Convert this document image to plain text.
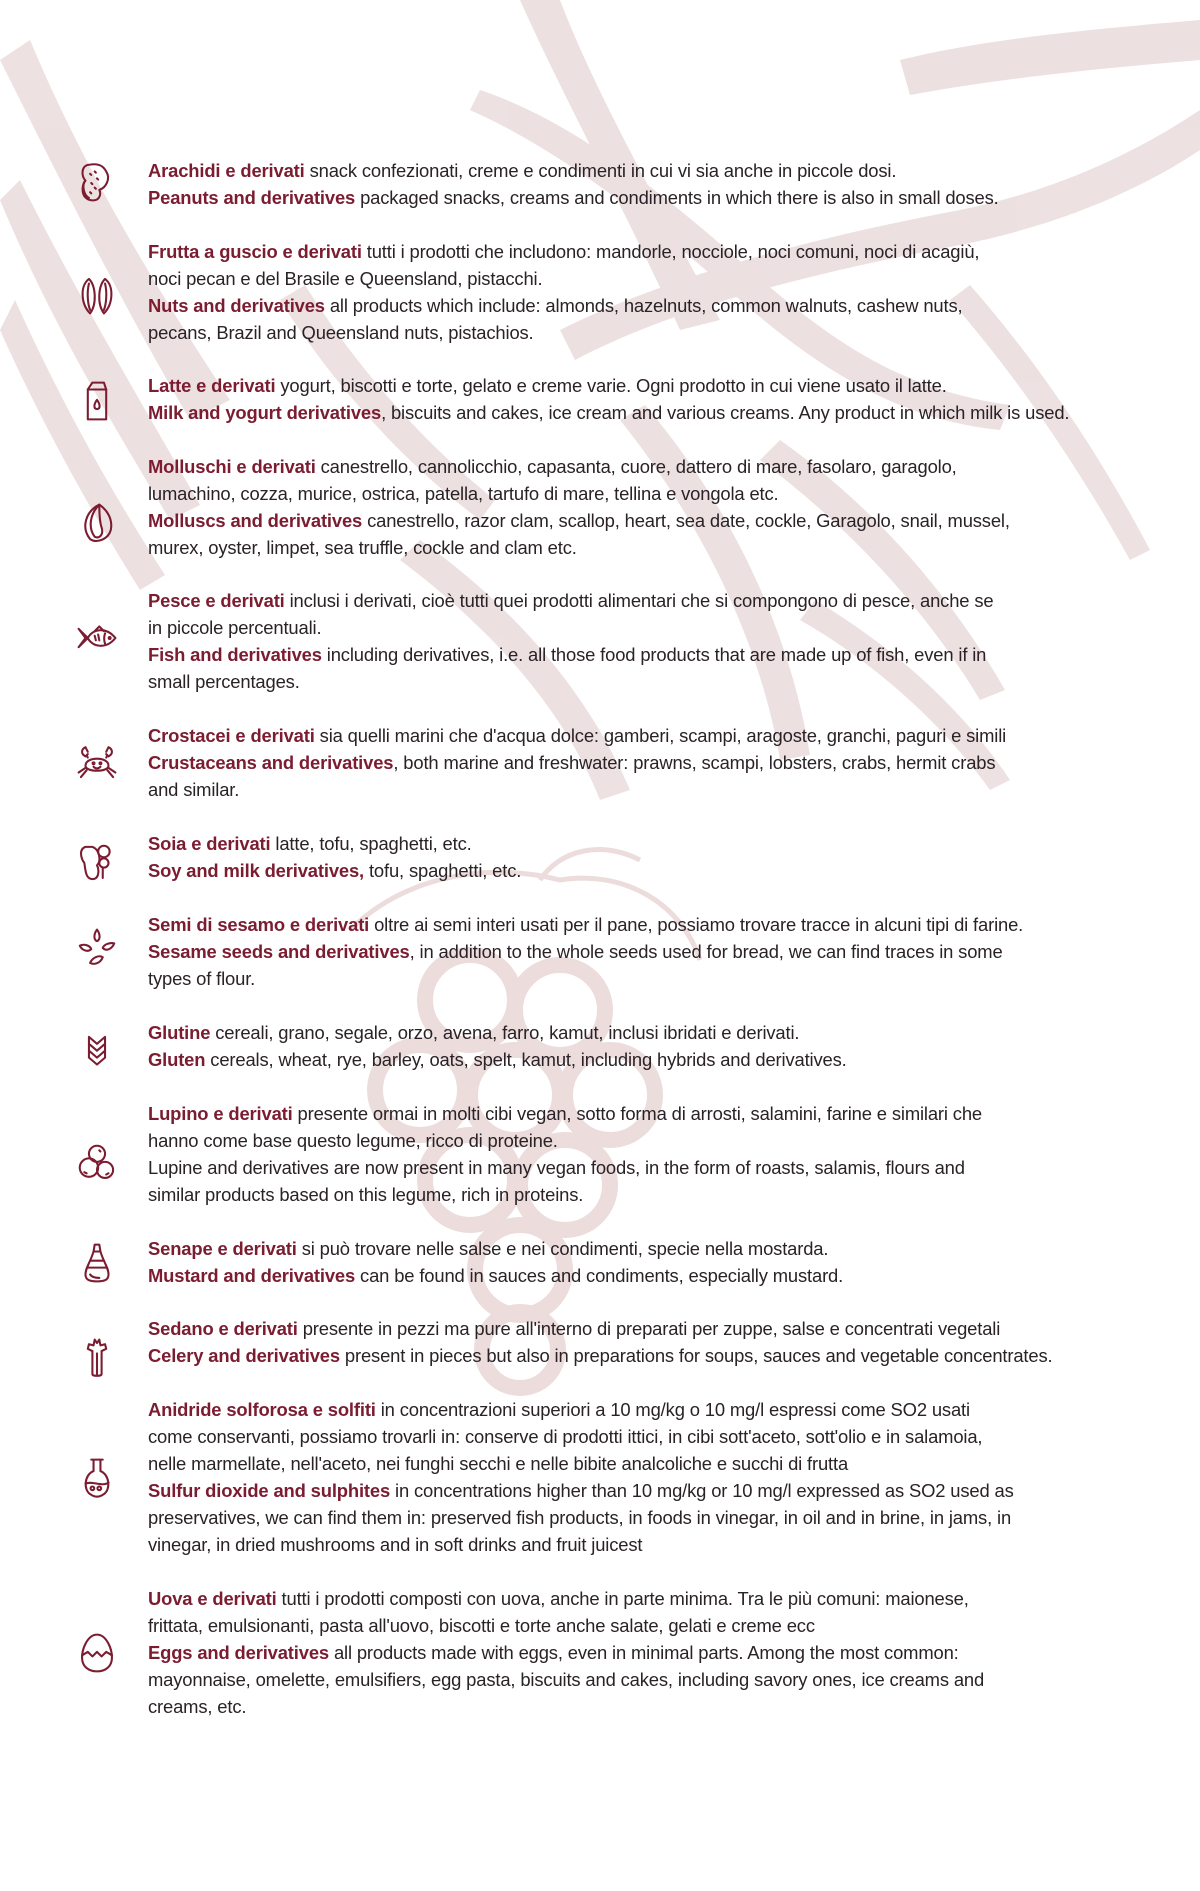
Arachidi e derivati snack confezionati, creme e condimenti in cui vi sia anche in piccole dosi.

Peanuts and derivatives packaged snacks, creams and condiments in which there is also in small doses.

Frutta a guscio e derivati tutti i prodotti che includono: mandorle, nocciole, noci comuni, noci di acagiù,
noci pecan e del Brasile e Queensland, pistacchi.

Nuts and derivatives all products which include: almonds, hazelnuts, common walnuts, cashew nuts,
pecans, Brazil and Queensland nuts, pistachios.

Latte e derivati yogurt, biscotti e torte, gelato e creme varie. Ogni prodotto in cui viene usato il latte.

Milk and yogurt derivatives, biscuits and cakes, ice cream and various creams. Any product in which milk is used.

Molluschi e derivati canestrello, cannolicchio, capasanta, cuore, dattero di mare, fasolaro, garagolo,
lumachino, cozza, murice, ostrica, patella, tartufo di mare, tellina e vongola etc.

Molluscs and derivatives canestrello, razor clam, scallop, heart, sea date, cockle, Garagolo, snail, mussel,
murex, oyster, limpet, sea truffle, cockle and clam etc.

Pesce e derivati inclusi i derivati, cioè tutti quei prodotti alimentari che si compongono di pesce, anche se
in piccole percentuali.

Fish and derivatives including derivatives, i.e. all those food products that are made up of fish, even if in
small percentages.

Crostacei e derivati sia quelli marini che d'acqua dolce: gamberi, scampi, aragoste, granchi, paguri e simili

Crustaceans and derivatives, both marine and freshwater: prawns, scampi, lobsters, crabs, hermit crabs
and similar.

Soia e derivati latte, tofu, spaghetti, etc.

Soy and milk derivatives, tofu, spaghetti, etc.

Semi di sesamo e derivati oltre ai semi interi usati per il pane, possiamo trovare tracce in alcuni tipi di farine.

Sesame seeds and derivatives, in addition to the whole seeds used for bread, we can find traces in some
types of flour.

Glutine cereali, grano, segale, orzo, avena, farro, kamut, inclusi ibridati e derivati.

Gluten cereals, wheat, rye, barley, oats, spelt, kamut, including hybrids and derivatives.

Lupino e derivati presente ormai in molti cibi vegan, sotto forma di arrosti, salamini, farine e similari che
hanno come base questo legume, ricco di proteine.

Lupine and derivatives are now present in many vegan foods, in the form of roasts, salamis, flours and
similar products based on this legume, rich in proteins.

Senape e derivati si può trovare nelle salse e nei condimenti, specie nella mostarda.

Mustard and derivatives can be found in sauces and condiments, especially mustard.

Sedano e derivati presente in pezzi ma pure all'interno di preparati per zuppe, salse e concentrati vegetali

Celery and derivatives present in pieces but also in preparations for soups, sauces and vegetable concentrates.

Anidride solforosa e solfiti in concentrazioni superiori a 10 mg/kg o 10 mg/l espressi come SO2 usati
come conservanti, possiamo trovarli in: conserve di prodotti ittici, in cibi sott'aceto, sott'olio e in salamoia,
nelle marmellate, nell'aceto, nei funghi secchi e nelle bibite analcoliche e succhi di frutta

Sulfur dioxide and sulphites in concentrations higher than 10 mg/kg or 10 mg/l expressed as SO2 used as
preservatives, we can find them in: preserved fish products, in foods in vinegar, in oil and in brine, in jams, in
vinegar, in dried mushrooms and in soft drinks and fruit juicest

Uova e derivati tutti i prodotti composti con uova, anche in parte minima. Tra le più comuni: maionese,
frittata, emulsionanti, pasta all'uovo, biscotti e torte anche salate, gelati e creme ecc

Eggs and derivatives all products made with eggs, even in minimal parts. Among the most common:
mayonnaise, omelette, emulsifiers, egg pasta, biscuits and cakes, including savory ones, ice creams and
creams, etc.
